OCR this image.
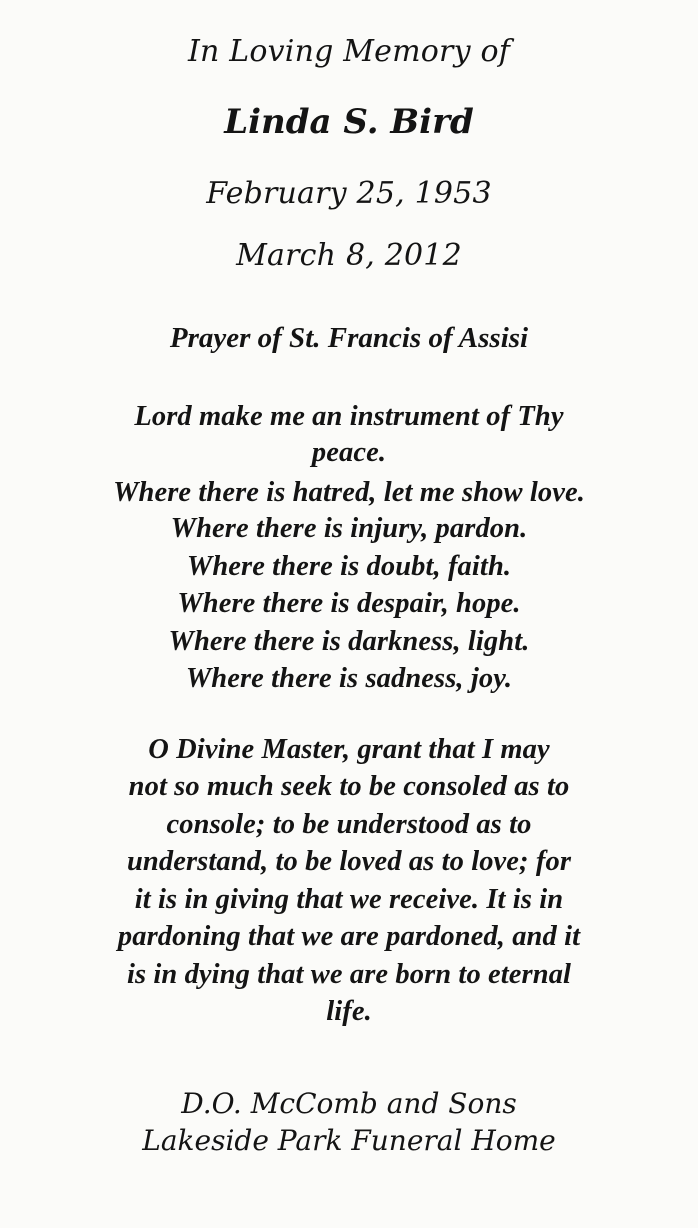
In Loving Memory of
Linda S. Bird
February 25, 1953
March 8, 2012
Prayer of St. Francis of Assisi
Lord make me an instrument of Thy
peace.
Where there is hatred, let me show love.
Where there is injury, pardon.
Where there is doubt, faith.
Where there is despair, hope.
Where there is darkness, light.
Where there is sadness, joy.
O Divine Master, grant that I may
not so much seek to be consoled as to
console; to be understood as to
understand, to be loved as to love; for
it is in giving that we receive. It is in
pardoning that we are pardoned, and it
is in dying that we are born to eternal
life.
D.O. McComb and Sons
Lakeside Park Funeral Home
